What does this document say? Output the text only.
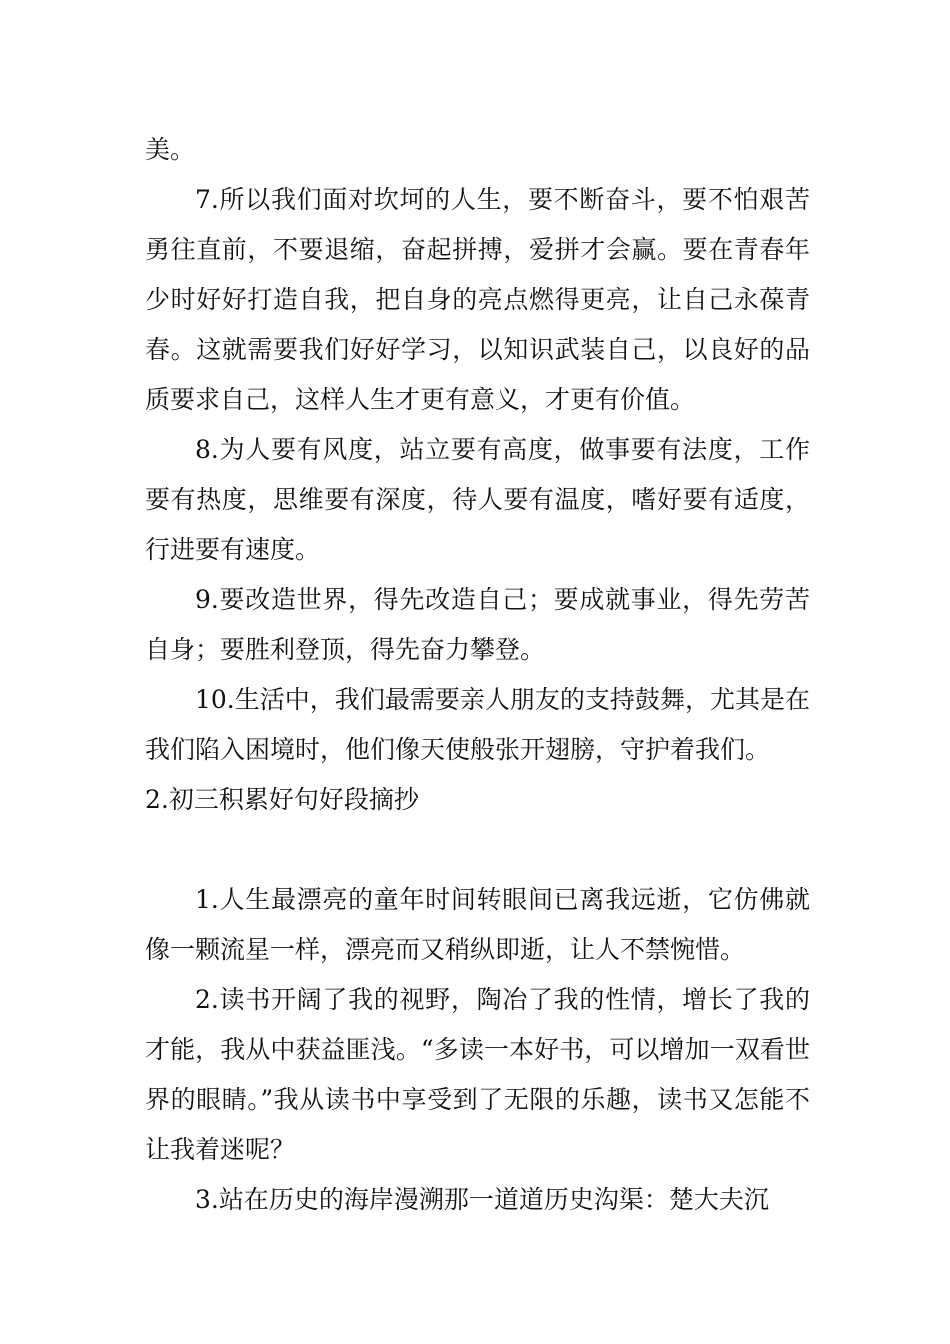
美。

7.所以我们面对坎坷的人生，要不断奋斗，要不怕艰苦勇往直前，不要退缩，奋起拼搏，爱拼才会赢。要在青春年少时好好打造自我，把自身的亮点燃得更亮，让自己永葆青春。这就需要我们好好学习，以知识武装自己，以良好的品质要求自己，这样人生才更有意义，才更有价值。

8.为人要有风度，站立要有高度，做事要有法度，工作要有热度，思维要有深度，待人要有温度，嗜好要有适度，行进要有速度。

9.要改造世界，得先改造自己；要成就事业，得先劳苦自身；要胜利登顶，得先奋力攀登。

10.生活中，我们最需要亲人朋友的支持鼓舞，尤其是在我们陷入困境时，他们像天使般张开翅膀，守护着我们。

2.初三积累好句好段摘抄

1.人生最漂亮的童年时间转眼间已离我远逝，它仿佛就像一颗流星一样，漂亮而又稍纵即逝，让人不禁惋惜。

2.读书开阔了我的视野，陶冶了我的性情，增长了我的才能，我从中获益匪浅。“多读一本好书，可以增加一双看世界的眼睛。”我从读书中享受到了无限的乐趣，读书又怎能不让我着迷呢？

3.站在历史的海岸漫溯那一道道历史沟渠：楚大夫沉
